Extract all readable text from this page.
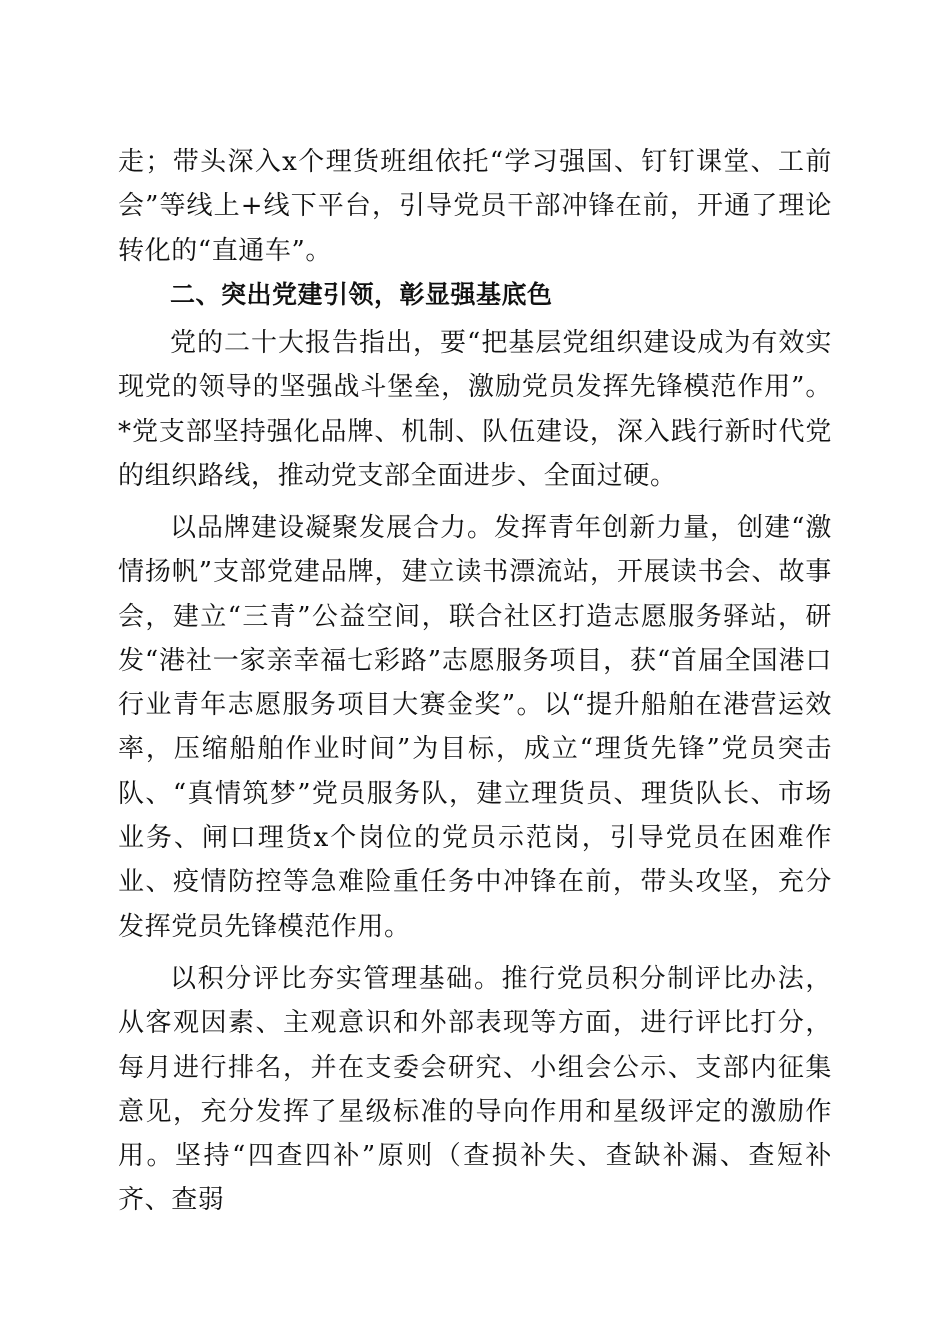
走；带头深入x个理货班组依托“学习强国、钉钉课堂、工前会”等线上+线下平台，引导党员干部冲锋在前，开通了理论转化的“直通车”。

二、突出党建引领，彰显强基底色

党的二十大报告指出，要“把基层党组织建设成为有效实现党的领导的坚强战斗堡垒，激励党员发挥先锋模范作用”。*党支部坚持强化品牌、机制、队伍建设，深入践行新时代党的组织路线，推动党支部全面进步、全面过硬。

以品牌建设凝聚发展合力。发挥青年创新力量，创建“激情扬帆”支部党建品牌，建立读书漂流站，开展读书会、故事会，建立“三青”公益空间，联合社区打造志愿服务驿站，研发“港社一家亲幸福七彩路”志愿服务项目，获“首届全国港口行业青年志愿服务项目大赛金奖”。以“提升船舶在港营运效率，压缩船舶作业时间”为目标，成立“理货先锋”党员突击队、“真情筑梦”党员服务队，建立理货员、理货队长、市场业务、闸口理货x个岗位的党员示范岗，引导党员在困难作业、疫情防控等急难险重任务中冲锋在前，带头攻坚，充分发挥党员先锋模范作用。

以积分评比夯实管理基础。推行党员积分制评比办法，从客观因素、主观意识和外部表现等方面，进行评比打分，每月进行排名，并在支委会研究、小组会公示、支部内征集意见，充分发挥了星级标准的导向作用和星级评定的激励作用。坚持“四查四补”原则（查损补失、查缺补漏、查短补齐、查弱
